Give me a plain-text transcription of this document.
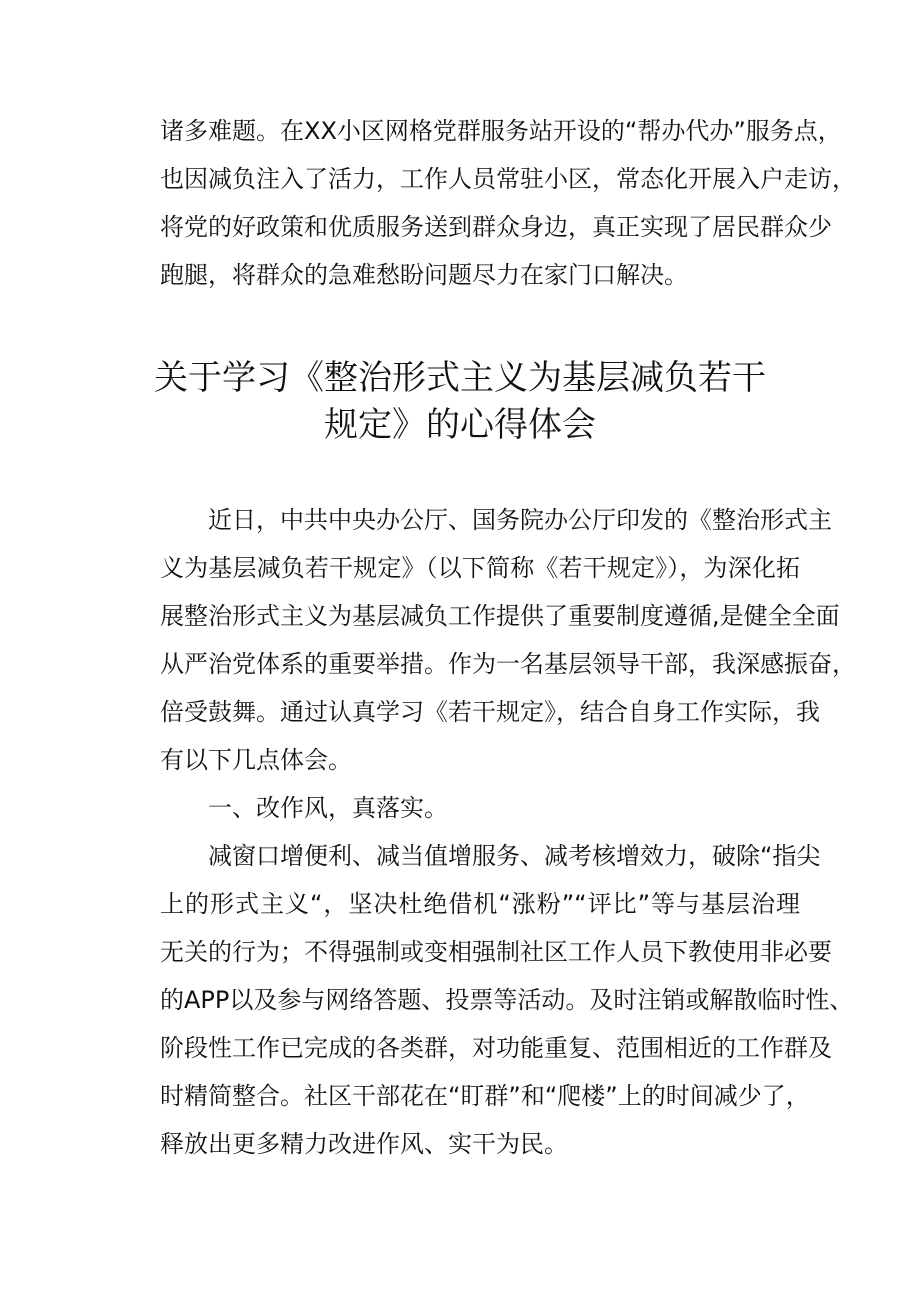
诸多难题。在XX小区网格党群服务站开设的“帮办代办”服务点，
也因减负注入了活力，工作人员常驻小区，常态化开展入户走访，
将党的好政策和优质服务送到群众身边，真正实现了居民群众少
跑腿，将群众的急难愁盼问题尽力在家门口解决。
关于学习《整治形式主义为基层减负若干
规定》的心得体会
近日，中共中央办公厅、国务院办公厅印发的《整治形式主
义为基层减负若干规定》（以下简称《若干规定》），为深化拓
展整治形式主义为基层减负工作提供了重要制度遵循,是健全全面
从严治党体系的重要举措。作为一名基层领导干部，我深感振奋，
倍受鼓舞。通过认真学习《若干规定》，结合自身工作实际，我
有以下几点体会。
一、改作风，真落实。
减窗口增便利、减当值增服务、减考核增效力，破除“指尖
上的形式主义“，坚决杜绝借机“涨粉”“评比”等与基层治理
无关的行为；不得强制或变相强制社区工作人员下教使用非必要
的APP以及参与网络答题、投票等活动。及时注销或解散临时性、
阶段性工作已完成的各类群，对功能重复、范围相近的工作群及
时精简整合。社区干部花在“盯群”和“爬楼”上的时间减少了，
释放出更多精力改进作风、实干为民。
